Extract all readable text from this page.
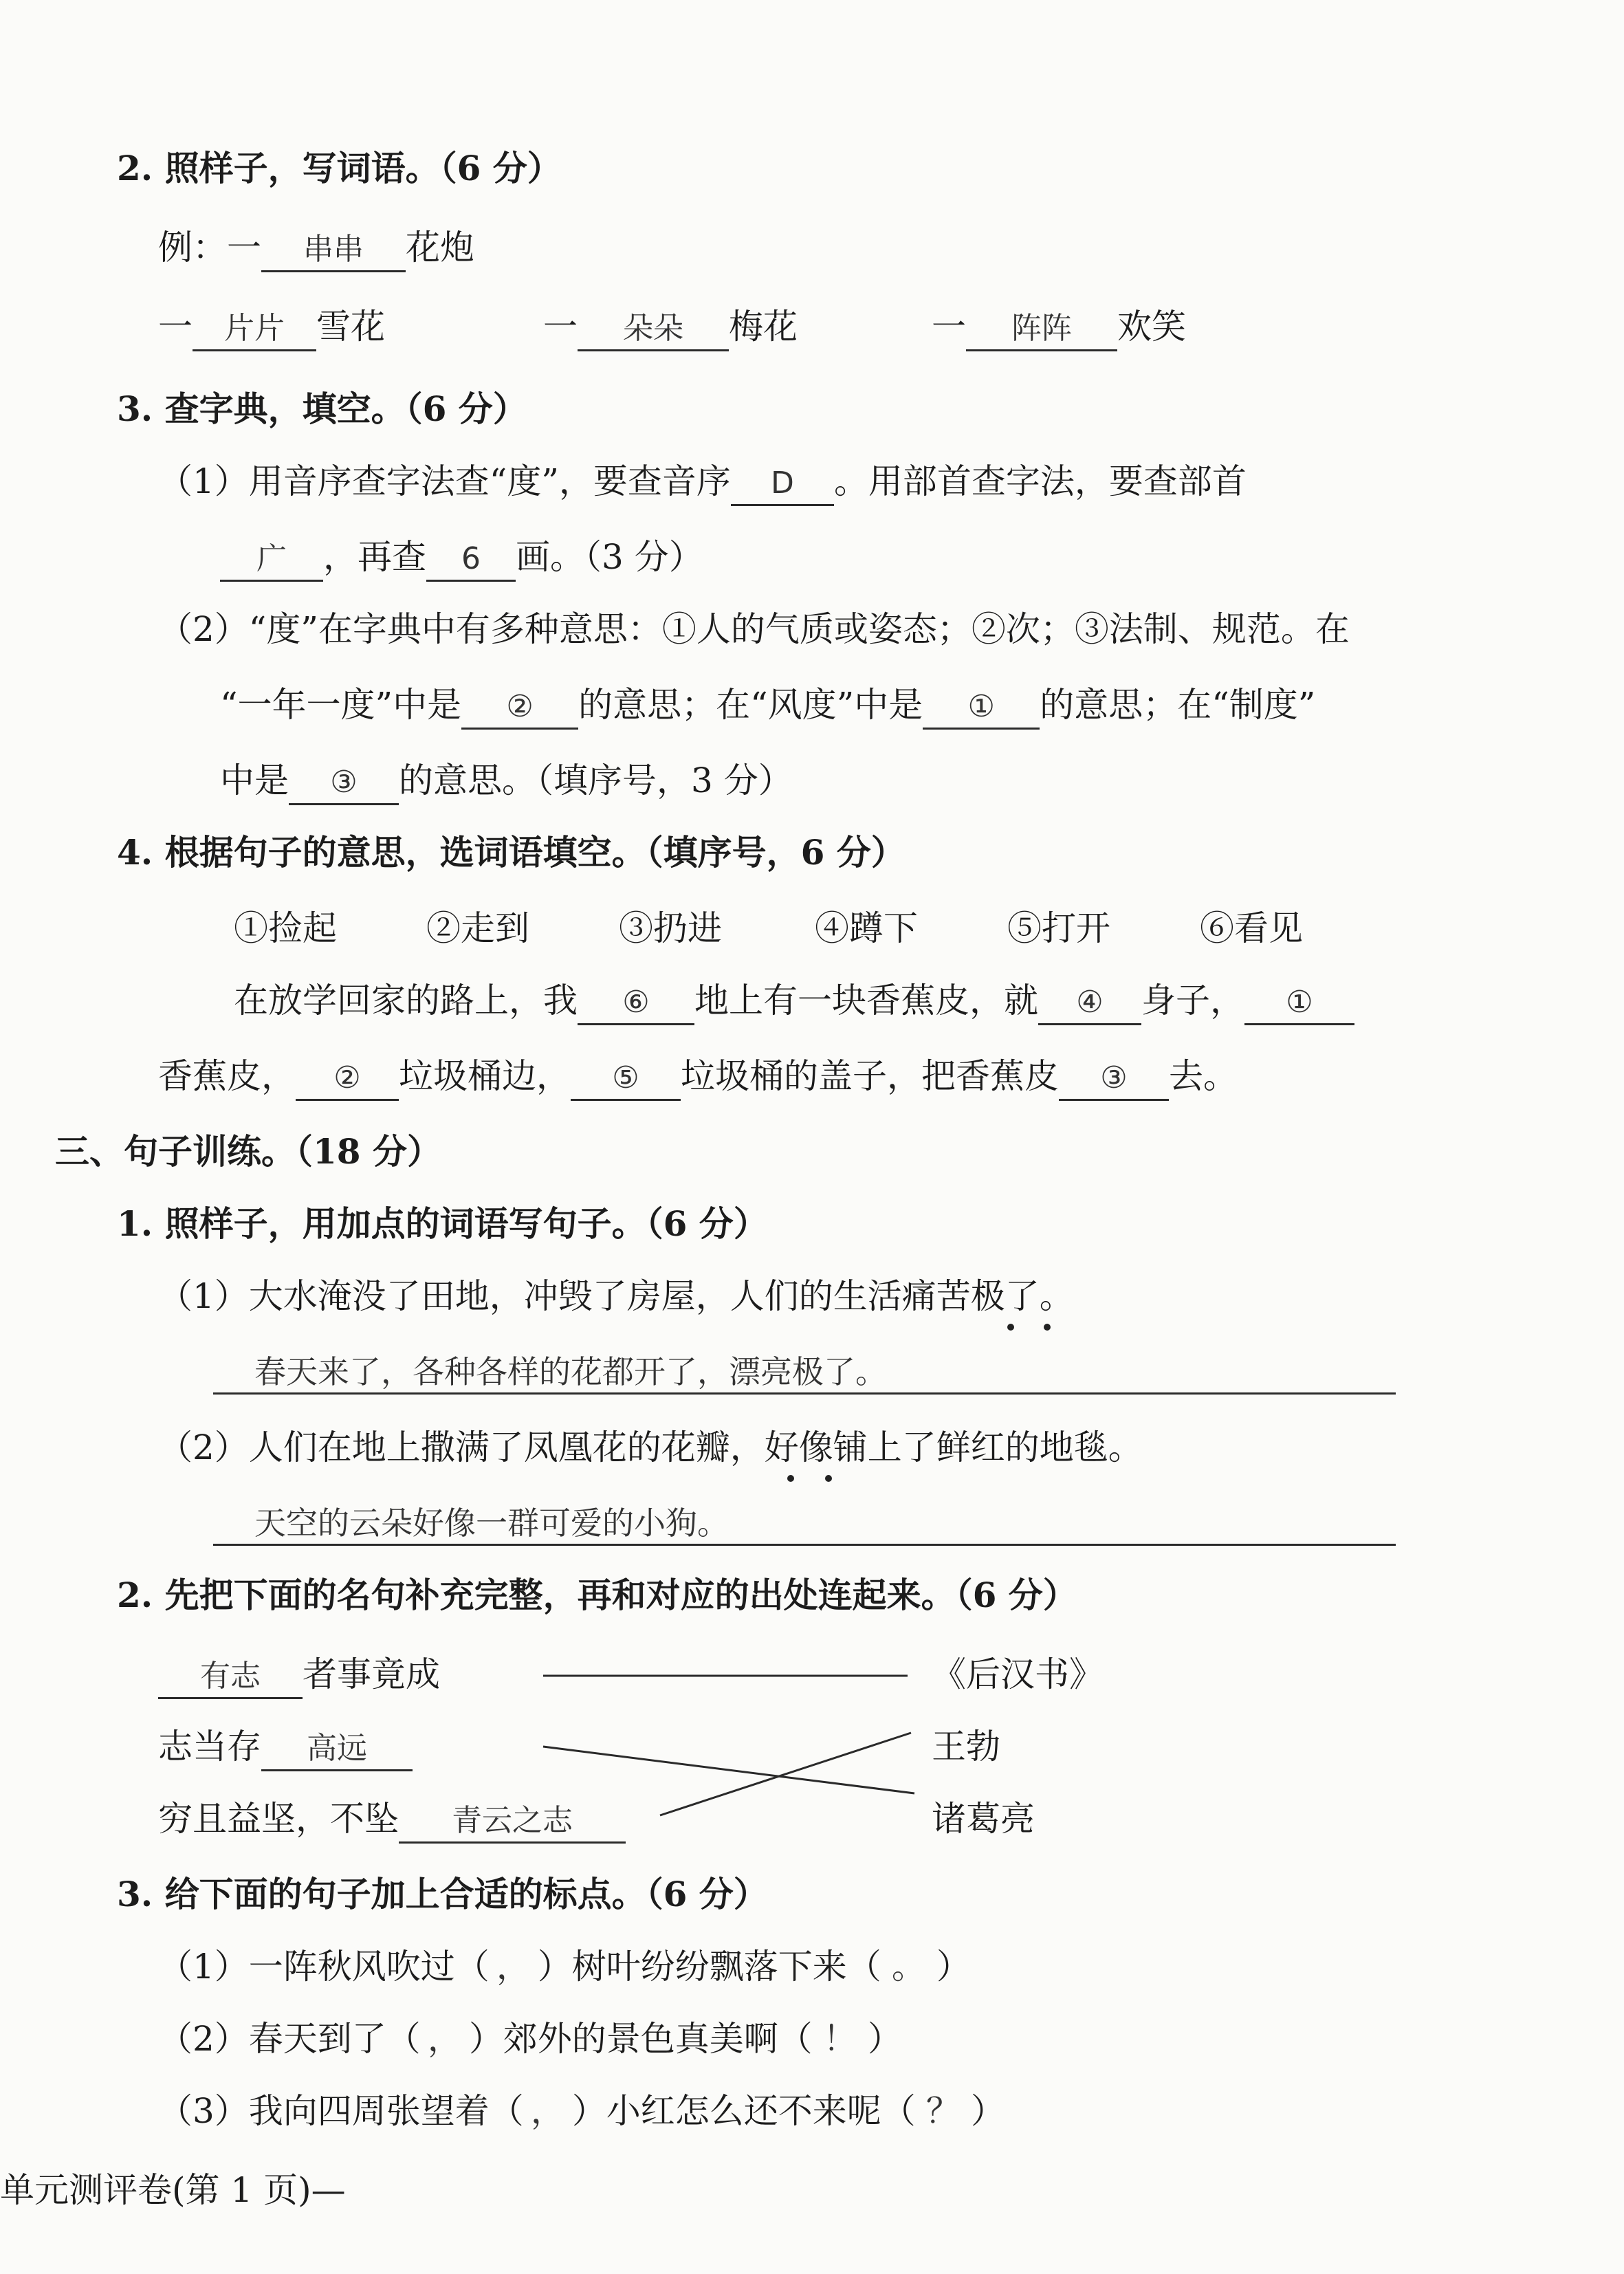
2. 照样子，写词语。（6 分）
例：一 串串 花炮
一 片片 雪花	一 朵朵 梅花	一 阵阵 欢笑
3. 查字典，填空。（6 分）
（1）用音序查字法查“度”，要查音序 D 。用部首查字法，要查部首
广 ，再查 6 画。（3 分）
（2）“度”在字典中有多种意思：①人的气质或姿态；②次；③法制、规范。在
“一年一度”中是 ② 的意思；在“风度”中是 ① 的意思；在“制度”
中是 ③ 的意思。（填序号，3 分）
4. 根据句子的意思，选词语填空。（填序号，6 分）
①捡起	②走到	③扔进	④蹲下	⑤打开	⑥看见
在放学回家的路上，我 ⑥ 地上有一块香蕉皮，就 ④ 身子， ①
香蕉皮， ② 垃圾桶边， ⑤ 垃圾桶的盖子，把香蕉皮 ③ 去。
三、句子训练。（18 分）
1. 照样子，用加点的词语写句子。（6 分）
（1）大水淹没了田地，冲毁了房屋，人们的生活痛苦极了。
春天来了，各种各样的花都开了，漂亮极了。
（2）人们在地上撒满了凤凰花的花瓣，好像铺上了鲜红的地毯。
天空的云朵好像一群可爱的小狗。
2. 先把下面的名句补充完整，再和对应的出处连起来。（6 分）
有志 者事竟成
志当存 高远
穷且益坚，不坠 青云之志
《后汉书》
王勃
诸葛亮
3. 给下面的句子加上合适的标点。（6 分）
（1）一阵秋风吹过（ ， ）树叶纷纷飘落下来（ 。 ）
（2）春天到了（ ， ）郊外的景色真美啊（ ！ ）
（3）我向四周张望着（ ， ）小红怎么还不来呢（ ？ ）
单元测评卷(第 1 页)—
